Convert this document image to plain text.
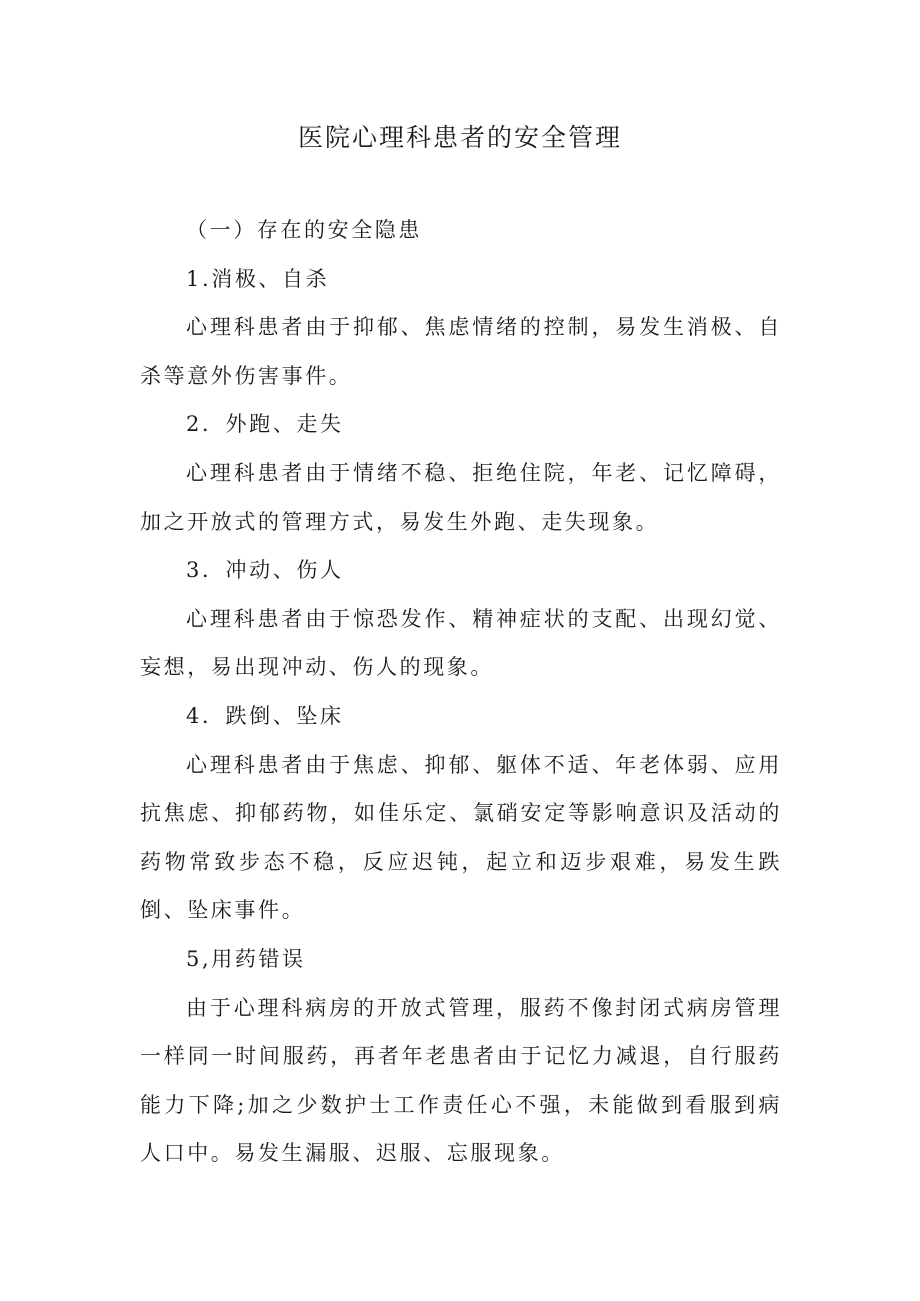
医院心理科患者的安全管理

（一）存在的安全隐患

1.消极、自杀

心理科患者由于抑郁、焦虑情绪的控制，易发生消极、自杀等意外伤害事件。

2．外跑、走失

心理科患者由于情绪不稳、拒绝住院，年老、记忆障碍，加之开放式的管理方式，易发生外跑、走失现象。

3．冲动、伤人

心理科患者由于惊恐发作、精神症状的支配、出现幻觉、妄想，易出现冲动、伤人的现象。

4．跌倒、坠床

心理科患者由于焦虑、抑郁、躯体不适、年老体弱、应用抗焦虑、抑郁药物，如佳乐定、氯硝安定等影响意识及活动的药物常致步态不稳，反应迟钝，起立和迈步艰难，易发生跌倒、坠床事件。

5,用药错误

由于心理科病房的开放式管理，服药不像封闭式病房管理一样同一时间服药，再者年老患者由于记忆力减退，自行服药能力下降;加之少数护士工作责任心不强，未能做到看服到病人口中。易发生漏服、迟服、忘服现象。
